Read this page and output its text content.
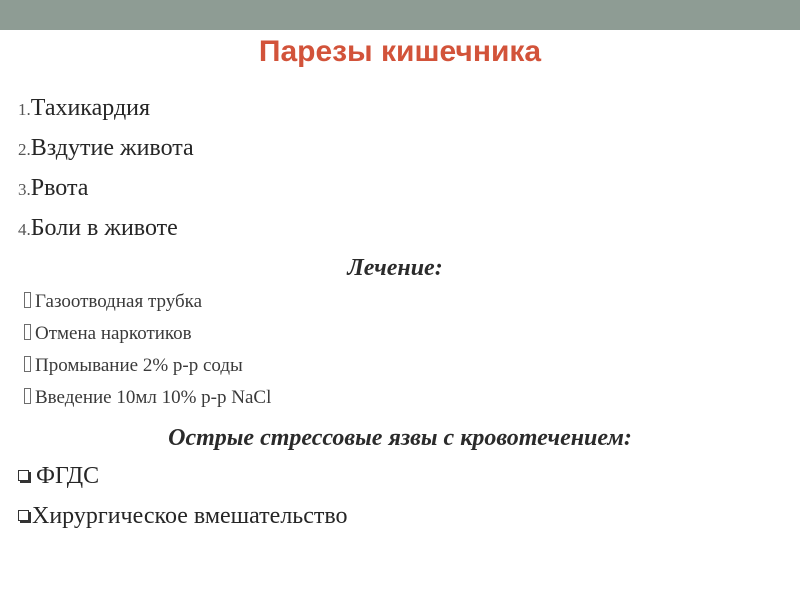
Парезы кишечника
1.Тахикардия
2.Вздутие живота
3.Рвота
4.Боли в животе
Лечение:
Газоотводная трубка
Отмена наркотиков
Промывание 2% р-р соды
Введение 10мл 10% р-р NaCl
Острые стрессовые язвы с кровотечением:
ФГДС
Хирургическое вмешательство
